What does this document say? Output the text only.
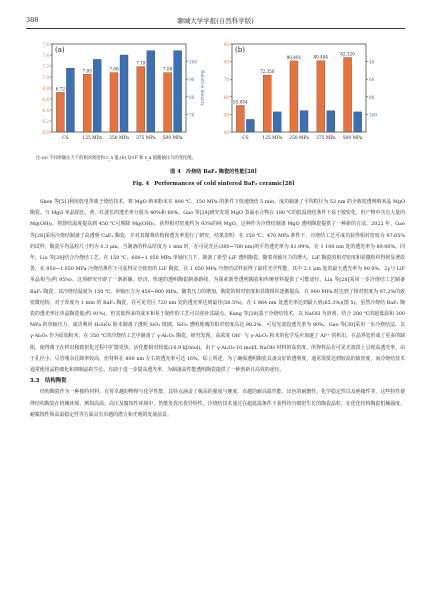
388	聊城大学学报(自然科学版)
(a)
6.0
6.2
6.4
6.6
6.8
7.0
7.2
7.4
7.6
70
80
90
100
Relative density
6.72
CS
7.05
125 MPa
7.08
250 MPa
7.19
375 MPa
7.08
500 MPa
(b)
40
50
60
70
80
90
100
80
60
40
55.054
CS
72.350
125 MPa
80.401
250 MPa
80.484
375 MPa
82.320
500 MPa
注:(a) 不同单轴压力下的相对密度和 r_a 值;(b) Q×F 和 r_a 值随轴压力的变化图。
图 4　冷烧结 BaF₂ 陶瓷的性能[28]
Fig. 4　Performances of cold sintered BaF₂ ceramic[28]

Shen 等[51]利用放电等离子烧结技术，将 MgO 纳米粉末在 800 ℃、150 MPa 的条件下快速烧结 5 min，成功制备了平均粒径为 52 nm 的全致密透明纳米晶 MgO 陶瓷。与 MgO 单晶相比，黄、红波长的透光率分别为 40%和 60%。Gao 等[28]研究发现 MgO 表面水合物在 180 ℃的低温烧结条件下易于致密化，但产物中含有大量的 Mg(OH)₂。将烧结温度提高到 450 ℃可脱除 Mg(OH)₂，获得相对密度约为 93%的纯 MgO。这种作为冷烧结制备 MgO 透明陶瓷提供了一种新的方法。2022 年，Gao 等[28]采用冷烧结制备了高透明 CaF₂ 陶瓷，并对其微观结构和透光率进行了研究，结果表明：在 150 ℃、470 MPa 条件下，冷烧结工艺可成功获得相对密度为 97.65%的试样，陶瓷平均晶粒尺寸约为 0.3 μm，当制备的样品厚度为 1 mm 时，在可见光区(380~780 nm)的平均透光率为 81.99%，在 1 100 nm 处的透光率为 89.00%。同年，Liu 等[28]结合冷烧结工艺，在 150 ℃、600~1 050 MPa 单轴压力下，制备了新型 LiF 透明陶瓷。随着单轴压力的增大，LiF 陶瓷的相对密度和显微组织得到显著改善，在 950~1 050 MPa 冷烧结条件下可获得完全致密的 LiF 陶瓷。在 1 050 MPa 冷烧结试样获得了最佳光学性能，其中 2.1 μm 处的最大透光率为 90.0%，2γ与 LiF 单晶相当(约 95%)。这项研究开辟了一条新颖、经济、快速的透明陶瓷制备路线，为探索新型透明陶瓷和传统材料提供了可能途径。Liu 等[28]采用一步冷烧结工艺制备 BaF₂ 陶瓷，其冷烧结温度为 150 ℃，单轴压力为 450~900 MPa。随着压力的增加，陶瓷的相对密度和显微组织逐渐提高，在 900 MPa 时达到了相对密度为 97.2%的致密微结构。对于厚度为 1 mm 的 BaF₂ 陶瓷，在可见光区 720 nm 处的透光率达到最佳(58.5%)，在 1 864 nm 处透光率达到最大值(65.3%)(图 5)。虽然冷烧结 BaF₂ 陶瓷的透光率比单晶陶瓷低(约 91%)，但其低得多的成本和易于制作的工艺可以弥补其缺点。Kang 等[29]基于冷烧结技术，以 NaOH 为溶剂，结合 200 ℃的超低温和 300 MPa 的单轴压力，成功利用 H₂SiO₃ 粉末制备了透明 SiO₂ 玻璃。SiO₂ 透明玻璃的相对密度高达 98.2%，可见光波段透光率为 80%。Gao 等[30]采用一步冷烧结法，以 γ-Al₂O₃ 作为原始粉末，在 350 ℃的冷烧结工艺中制备了 γ-Al₂O₃ 陶瓷。研究发现，高浓度 OH⁻ 与 γ-Al₂O₃ 粉末的化学反应加速了 Al³⁺ 的析出，在晶界处形成了更多的缺陷，使得离子在析出和致密化过程中扩散更快，活化能相对较低(16.9 kJ/mol)。由于 γ-Al₂O₃-10 mol/L NaOH 材料的高密度，所得样品在可见光波段上呈现高透光率。由于孔径小，尽管残余孔隙率较高，但材料在 800 nm 左右的透光率可达 16%。综上所述，为了确保透明陶瓷具备良好的透明度，通常需要达到较高的致密度，而冷烧结技术通常使用晶粒细化和抑制晶粒生长，有助于进一步提高透光率，为制备高性能透明陶瓷提供了一种创新且高效的途径。

3.3　结构陶瓷

结构陶瓷作为一种独特材料，有着卓越的物理与化学性能，其特点涵盖了极高的强度与硬度、卓越的耐高温性能、出色的耐磨性、化学稳定性以及绝缘性等。这些特性使得结构陶瓷在机械环境、例如高温、高压及腐蚀性环境中，仍能发挥出优异特性。冷烧结技术通过在超低温条件下获得均匀细密生长的陶瓷晶粒，在优化结构陶瓷机械强度、耐腐蚀性和高温稳定性等方面具有卓越的潜力和光明的发展前景。
